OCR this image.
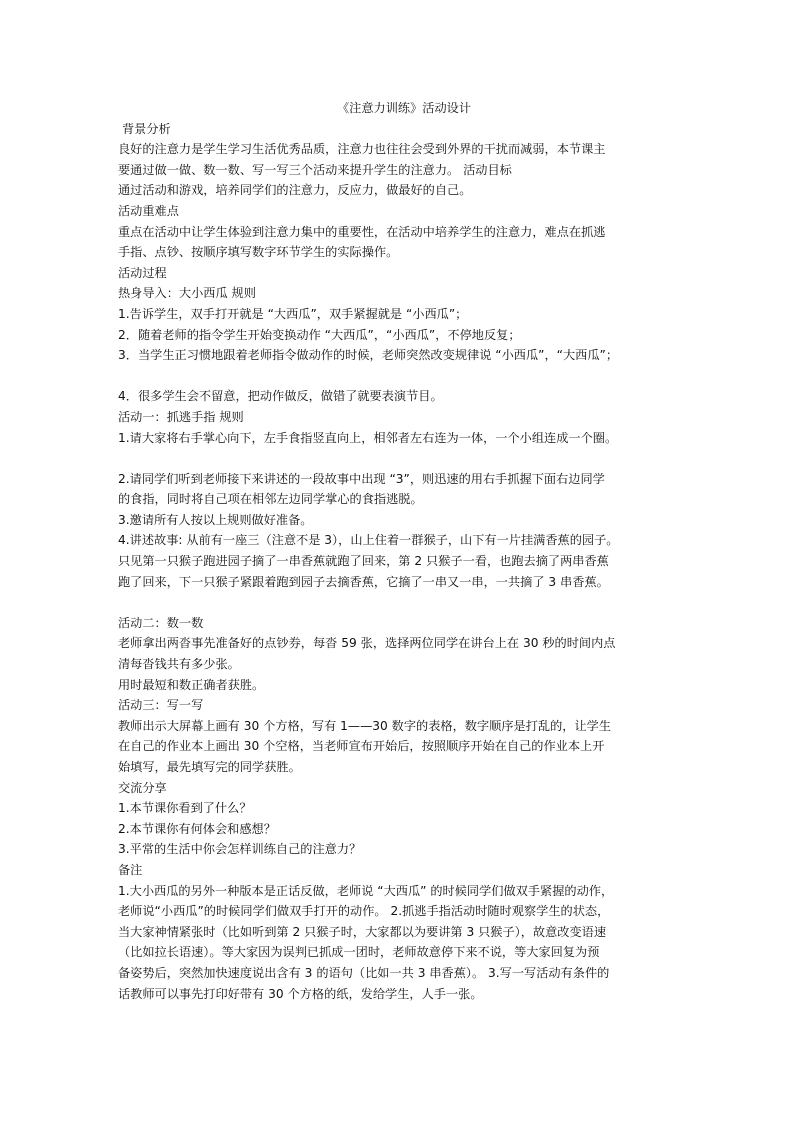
《注意力训练》活动设计
背景分析
良好的注意力是学生学习生活优秀品质，注意力也往往会受到外界的干扰而减弱，本节课主
要通过做一做、数一数、写一写三个活动来提升学生的注意力。 活动目标
通过活动和游戏，培养同学们的注意力，反应力，做最好的自己。
活动重难点
重点在活动中让学生体验到注意力集中的重要性，在活动中培养学生的注意力，难点在抓逃
手指、点钞、按顺序填写数字环节学生的实际操作。
活动过程
热身导入：大小西瓜 规则
1.告诉学生，双手打开就是 “大西瓜”，双手紧握就是 “小西瓜”；
2．随着老师的指令学生开始变换动作 “大西瓜”，“小西瓜”，不停地反复；
3．当学生正习惯地跟着老师指令做动作的时候，老师突然改变规律说 “小西瓜”，“大西瓜”；
4．很多学生会不留意，把动作做反，做错了就要表演节目。
活动一：抓逃手指 规则
1.请大家将右手掌心向下，左手食指竖直向上，相邻者左右连为一体，一个小组连成一个圈。
2.请同学们听到老师接下来讲述的一段故事中出现 “3”，则迅速的用右手抓握下面右边同学
的食指，同时将自己项在相邻左边同学掌心的食指逃脱。
3.邀请所有人按以上规则做好准备。
4.讲述故事: 从前有一座三（注意不是 3），山上住着一群猴子，山下有一片挂满香蕉的园子。
只见第一只猴子跑进园子摘了一串香蕉就跑了回来，第 2 只猴子一看，也跑去摘了两串香蕉
跑了回来，下一只猴子紧跟着跑到园子去摘香蕉，它摘了一串又一串，一共摘了 3 串香蕉。
活动二：数一数
老师拿出两沓事先准备好的点钞券，每沓 59 张，选择两位同学在讲台上在 30 秒的时间内点
清每沓钱共有多少张。
用时最短和数正确者获胜。
活动三：写一写
教师出示大屏幕上画有 30 个方格，写有 1——30 数字的表格，数字顺序是打乱的，让学生
在自己的作业本上画出 30 个空格，当老师宣布开始后，按照顺序开始在自己的作业本上开
始填写，最先填写完的同学获胜。
交流分享
1.本节课你看到了什么？
2.本节课你有何体会和感想？
3.平常的生活中你会怎样训练自己的注意力？
备注
1.大小西瓜的另外一种版本是正话反做，老师说 “大西瓜” 的时候同学们做双手紧握的动作，
老师说“小西瓜”的时候同学们做双手打开的动作。 2.抓逃手指活动时随时观察学生的状态，
当大家神情紧张时（比如听到第 2 只猴子时，大家都以为要讲第 3 只猴子），故意改变语速
（比如拉长语速）。等大家因为误判已抓成一团时，老师故意停下来不说，等大家回复为预
备姿势后，突然加快速度说出含有 3 的语句（比如一共 3 串香蕉）。 3.写一写活动有条件的
话教师可以事先打印好带有 30 个方格的纸，发给学生，人手一张。
